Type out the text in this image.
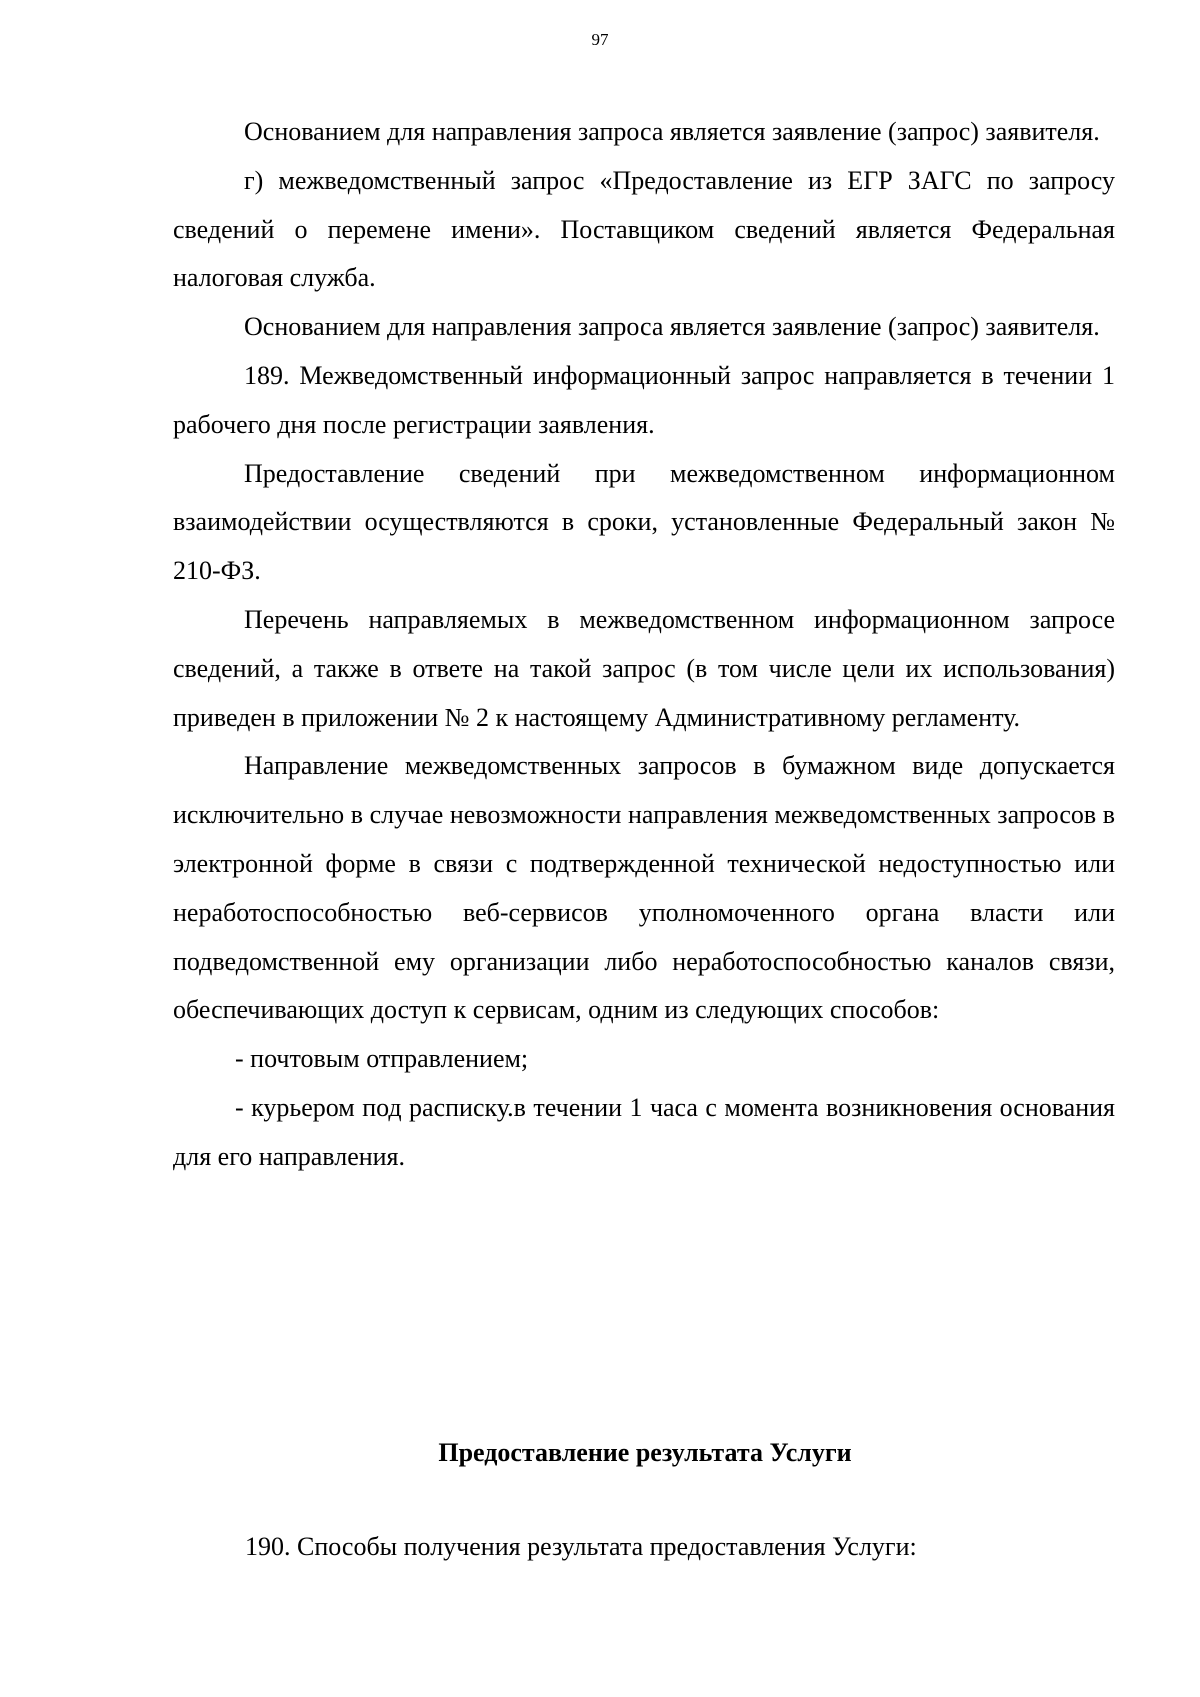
97

Основанием для направления запроса является заявление (запрос) заявителя.

г) межведомственный запрос «Предоставление из ЕГР ЗАГС по запросу сведений о перемене имени». Поставщиком сведений является Федеральная налоговая служба.

Основанием для направления запроса является заявление (запрос) заявителя.

189. Межведомственный информационный запрос направляется в течении 1 рабочего дня после регистрации заявления.

Предоставление сведений при межведомственном информационном взаимодействии осуществляются в сроки, установленные Федеральный закон № 210-ФЗ.

Перечень направляемых в межведомственном информационном запросе сведений, а также в ответе на такой запрос (в том числе цели их использования) приведен в приложении № 2 к настоящему Административному регламенту.

Направление межведомственных запросов в бумажном виде допускается исключительно в случае невозможности направления межведомственных запросов в электронной форме в связи с подтвержденной технической недоступностью или неработоспособностью веб-сервисов уполномоченного органа власти или подведомственной ему организации либо неработоспособностью каналов связи, обеспечивающих доступ к сервисам, одним из следующих способов:

- почтовым отправлением;

- курьером под расписку.в течении 1 часа с момента возникновения основания для его направления.

Предоставление результата Услуги
190. Способы получения результата предоставления Услуги:
